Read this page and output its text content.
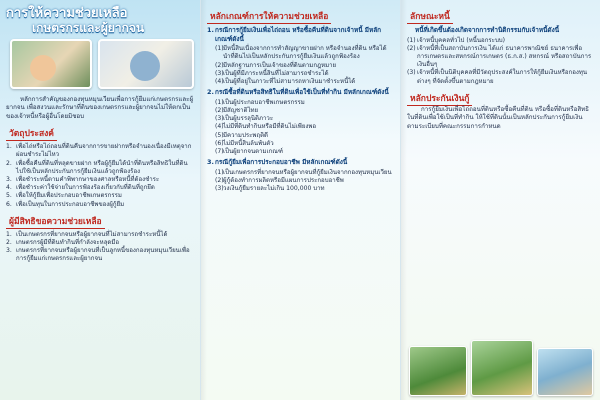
การให้ความช่วยเหลือ
เกษตรกรและผู้ยากจน

หลักการสำคัญของกองทุนหมุนเวียนเพื่อการกู้ยืมแก่เกษตรกรและผู้ยากจน เพื่อสงวนและรักษาที่ดินของเกษตรกรและผู้ยากจนไม่ให้ตกเป็นของเจ้าหนี้หรือผู้อื่นโดยมิชอบ

วัตถุประสงค์
1. เพื่อไถ่หรือไถ่ถอนที่ดินคืนจากการขายฝากหรือจำนองเนื่องมีเหตุจากผ่อนชำระไม่ไหว
2. เพื่อซื้อคืนที่ดินที่หลุดขายฝาก หรือผู้กู้ยืมได้นำที่ดินหรือสิทธิในที่ดินไปใช้เป็นหลักประกันการกู้ยืมเงินแล้วถูกฟ้องร้อง
3. เพื่อชำระหนี้ตามคำพิพากษาของศาลหรือหนี้ที่ต้องชำระ
4. เพื่อชำระค่าใช้จ่ายในการฟ้องร้องเกี่ยวกับที่ดินที่ถูกยึด
5. เพื่อให้กู้ยืมเพื่อประกอบอาชีพเกษตรกรรม
6. เพื่อเป็นทุนในการประกอบอาชีพของผู้กู้ยืม
ผู้มีสิทธิขอความช่วยเหลือ
1. เป็นเกษตรกรที่ยากจนหรือผู้ยากจนที่ไม่สามารถชำระหนี้ได้
2. เกษตรกรผู้มีที่ดินทำกินที่กำลังจะหลุดมือ
3. เกษตรกรที่ยากจนหรือผู้ยากจนที่เป็นลูกหนี้ของกองทุนหมุนเวียนเพื่อการกู้ยืมแก่เกษตรกรและผู้ยากจน
หลักเกณฑ์การให้ความช่วยเหลือ
1. กรณีการกู้ยืมเงินเพื่อไถ่ถอน หรือซื้อคืนที่ดินจากเจ้าหนี้ มีหลักเกณฑ์ดังนี้
(1) มีหนี้สินเนื่องจากการทำสัญญาขายฝาก หรือจำนองที่ดิน หรือได้นำที่ดินไปเป็นหลักประกันการกู้ยืมเงินแล้วถูกฟ้องร้อง
(2) มีหลักฐานการเป็นเจ้าของที่ดินตามกฎหมาย
(3) เป็นผู้ที่มีภาระหนี้สินที่ไม่สามารถชำระได้
(4) เป็นผู้ที่อยู่ในภาวะที่ไม่สามารถหาเงินมาชำระหนี้ได้
2. กรณีซื้อที่ดินหรือสิทธิในที่ดินเพื่อใช้เป็นที่ทำกิน มีหลักเกณฑ์ดังนี้
(1) เป็นผู้ประกอบอาชีพเกษตรกรรม
(2) มีสัญชาติไทย
(3) เป็นผู้บรรลุนิติภาวะ
(4) ไม่มีที่ดินทำกินหรือมีที่ดินไม่เพียงพอ
(5) มีความประพฤติดี
(6) ไม่มีหนี้สินล้นพ้นตัว
(7) เป็นผู้ยากจนตามเกณฑ์
3. กรณีกู้ยืมเพื่อการประกอบอาชีพ มีหลักเกณฑ์ดังนี้
(1) เป็นเกษตรกรที่ยากจนหรือผู้ยากจนที่กู้ยืมเงินจากกองทุนหมุนเวียน
(2) ผู้กู้ต้องทำการผลิตหรือมีแผนการประกอบอาชีพ
(3) วงเงินกู้ยืมรายละไม่เกิน 100,000 บาท
ลักษณะหนี้
หนี้ที่เกิดขึ้นต้องเกิดจากการทำนิติกรรมกับเจ้าหนี้ดังนี้
(1) เจ้าหนี้บุคคลทั่วไป (หนี้นอกระบบ)
(2) เจ้าหนี้ที่เป็นสถาบันการเงิน ได้แก่ ธนาคารพาณิชย์ ธนาคารเพื่อการเกษตรและสหกรณ์การเกษตร (ธ.ก.ส.) สหกรณ์ หรือสถาบันการเงินอื่นๆ
(3) เจ้าหนี้ที่เป็นนิติบุคคลที่มีวัตถุประสงค์ในการให้กู้ยืมเงินหรือกองทุนต่างๆ ที่จัดตั้งขึ้นตามกฎหมาย
หลักประกันเงินกู้

การกู้ยืมเงินเพื่อไถ่ถอนที่ดินหรือซื้อคืนที่ดิน หรือซื้อที่ดินหรือสิทธิในที่ดินเพื่อใช้เป็นที่ทำกิน ให้ใช้ที่ดินนั้นเป็นหลักประกันการกู้ยืมเงินตามระเบียบที่คณะกรรมการกำหนด
